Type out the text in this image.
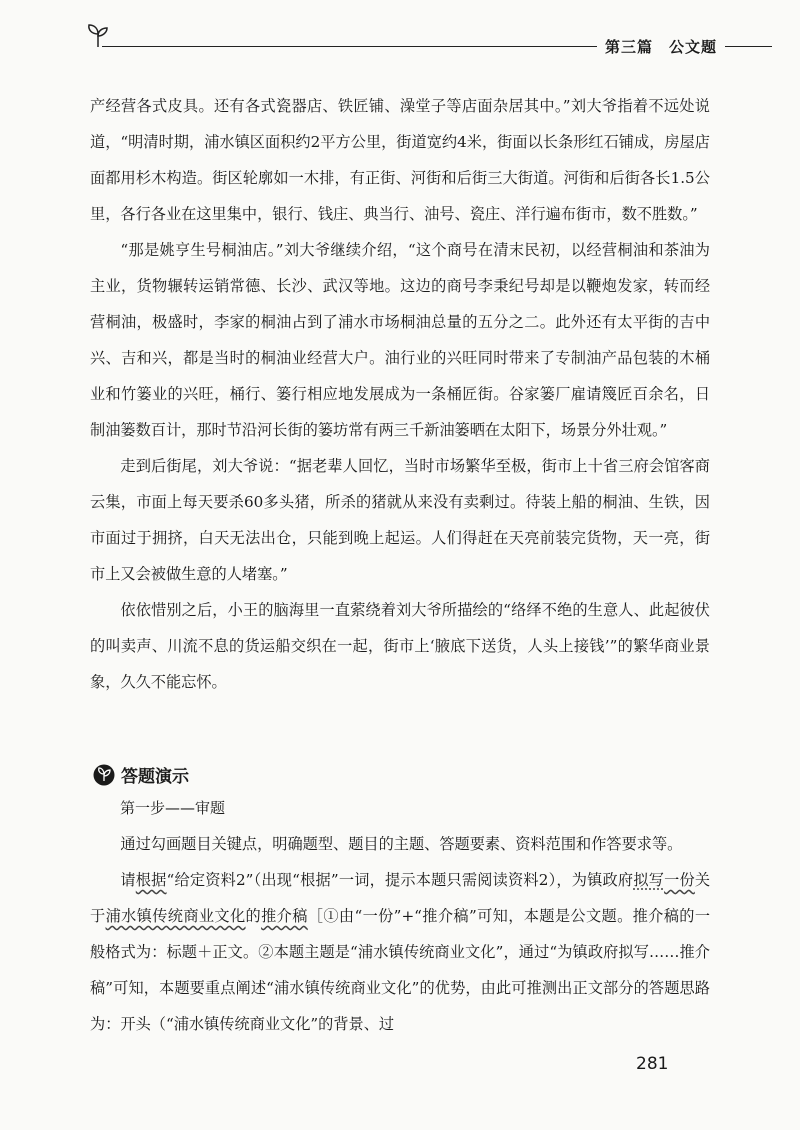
第三篇　公文题

产经营各式皮具。还有各式瓷器店、铁匠铺、澡堂子等店面杂居其中。”刘大爷指着不远处说道，“明清时期，浦水镇区面积约2平方公里，街道宽约4米，街面以长条形红石铺成，房屋店面都用杉木构造。街区轮廓如一木排，有正街、河街和后街三大街道。河街和后街各长1.5公里，各行各业在这里集中，银行、钱庄、典当行、油号、瓷庄、洋行遍布街市，数不胜数。”

“那是姚亨生号桐油店。”刘大爷继续介绍，“这个商号在清末民初，以经营桐油和茶油为主业，货物辗转运销常德、长沙、武汉等地。这边的商号李秉纪号却是以鞭炮发家，转而经营桐油，极盛时，李家的桐油占到了浦水市场桐油总量的五分之二。此外还有太平街的吉中兴、吉和兴，都是当时的桐油业经营大户。油行业的兴旺同时带来了专制油产品包装的木桶业和竹篓业的兴旺，桶行、篓行相应地发展成为一条桶匠街。谷家篓厂雇请篾匠百余名，日制油篓数百计，那时节沿河长街的篓坊常有两三千新油篓晒在太阳下，场景分外壮观。”

走到后街尾，刘大爷说：“据老辈人回忆，当时市场繁华至极，街市上十省三府会馆客商云集，市面上每天要杀60多头猪，所杀的猪就从来没有卖剩过。待装上船的桐油、生铁，因市面过于拥挤，白天无法出仓，只能到晚上起运。人们得赶在天亮前装完货物，天一亮，街市上又会被做生意的人堵塞。”

依依惜别之后，小王的脑海里一直萦绕着刘大爷所描绘的“络绎不绝的生意人、此起彼伏的叫卖声、川流不息的货运船交织在一起，街市上‘腋底下送货，人头上接钱’”的繁华商业景象，久久不能忘怀。

答题演示
第一步——审题

通过勾画题目关键点，明确题型、题目的主题、答题要素、资料范围和作答要求等。

请根据“给定资料2”（出现“根据”一词，提示本题只需阅读资料2），为镇政府拟写一份关于浦水镇传统商业文化的推介稿［①由“一份”+“推介稿”可知，本题是公文题。推介稿的一般格式为：标题＋正文。②本题主题是“浦水镇传统商业文化”，通过“为镇政府拟写……推介稿”可知，本题要重点阐述“浦水镇传统商业文化”的优势，由此可推测出正文部分的答题思路为：开头（“浦水镇传统商业文化”的背景、过

281
